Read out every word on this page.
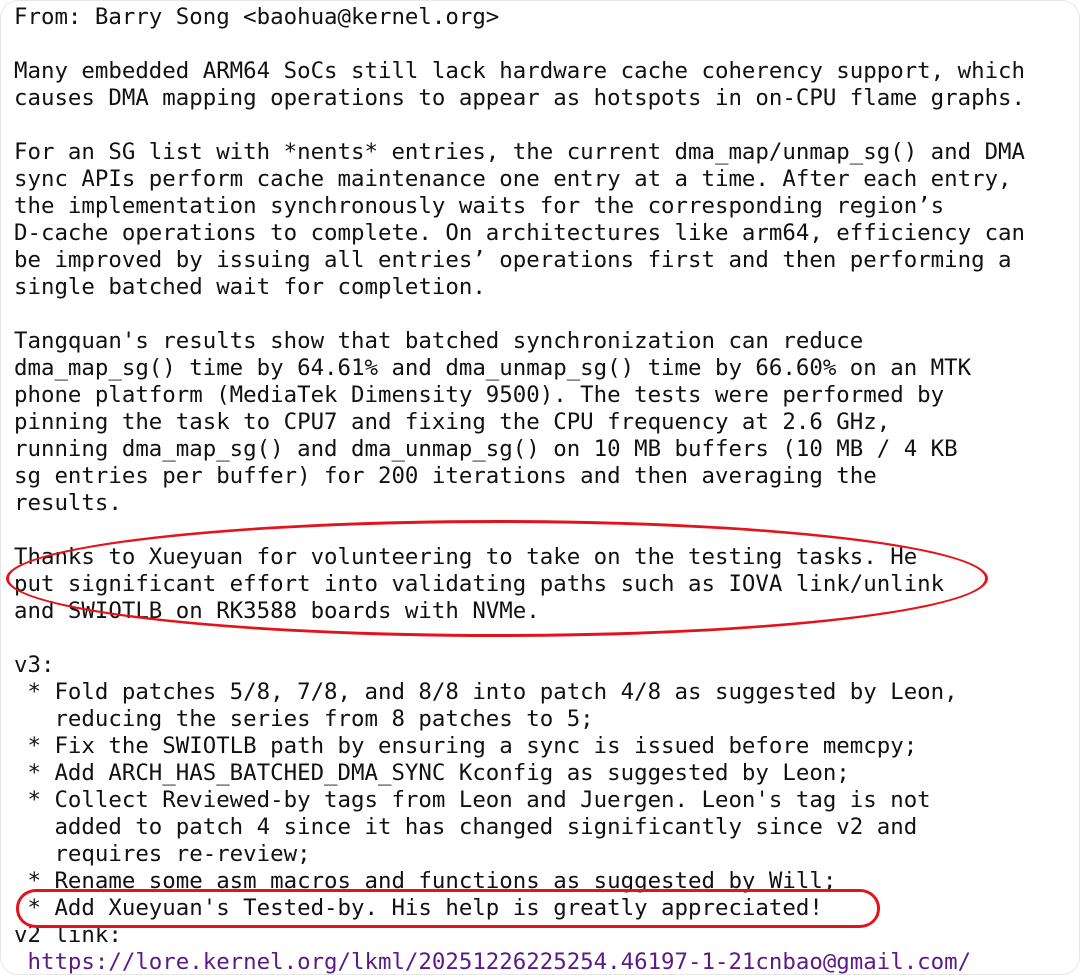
From: Barry Song <baohua@kernel.org>
Many embedded ARM64 SoCs still lack hardware cache coherency support, which
causes DMA mapping operations to appear as hotspots in on-CPU flame graphs.
For an SG list with *nents* entries, the current dma_map/unmap_sg() and DMA
sync APIs perform cache maintenance one entry at a time. After each entry,
the implementation synchronously waits for the corresponding region’s
D-cache operations to complete. On architectures like arm64, efficiency can
be improved by issuing all entries’ operations first and then performing a
single batched wait for completion.
Tangquan's results show that batched synchronization can reduce
dma_map_sg() time by 64.61% and dma_unmap_sg() time by 66.60% on an MTK
phone platform (MediaTek Dimensity 9500). The tests were performed by
pinning the task to CPU7 and fixing the CPU frequency at 2.6 GHz,
running dma_map_sg() and dma_unmap_sg() on 10 MB buffers (10 MB / 4 KB
sg entries per buffer) for 200 iterations and then averaging the
results.
Thanks to Xueyuan for volunteering to take on the testing tasks. He
put significant effort into validating paths such as IOVA link/unlink
and SWIOTLB on RK3588 boards with NVMe.
v3:
* Fold patches 5/8, 7/8, and 8/8 into patch 4/8 as suggested by Leon,
reducing the series from 8 patches to 5;
* Fix the SWIOTLB path by ensuring a sync is issued before memcpy;
* Add ARCH_HAS_BATCHED_DMA_SYNC Kconfig as suggested by Leon;
* Collect Reviewed-by tags from Leon and Juergen. Leon's tag is not
added to patch 4 since it has changed significantly since v2 and
requires re-review;
* Rename some asm macros and functions as suggested by Will;
* Add Xueyuan's Tested-by. His help is greatly appreciated!
v2 link:
https://lore.kernel.org/lkml/20251226225254.46197-1-21cnbao@gmail.com/
